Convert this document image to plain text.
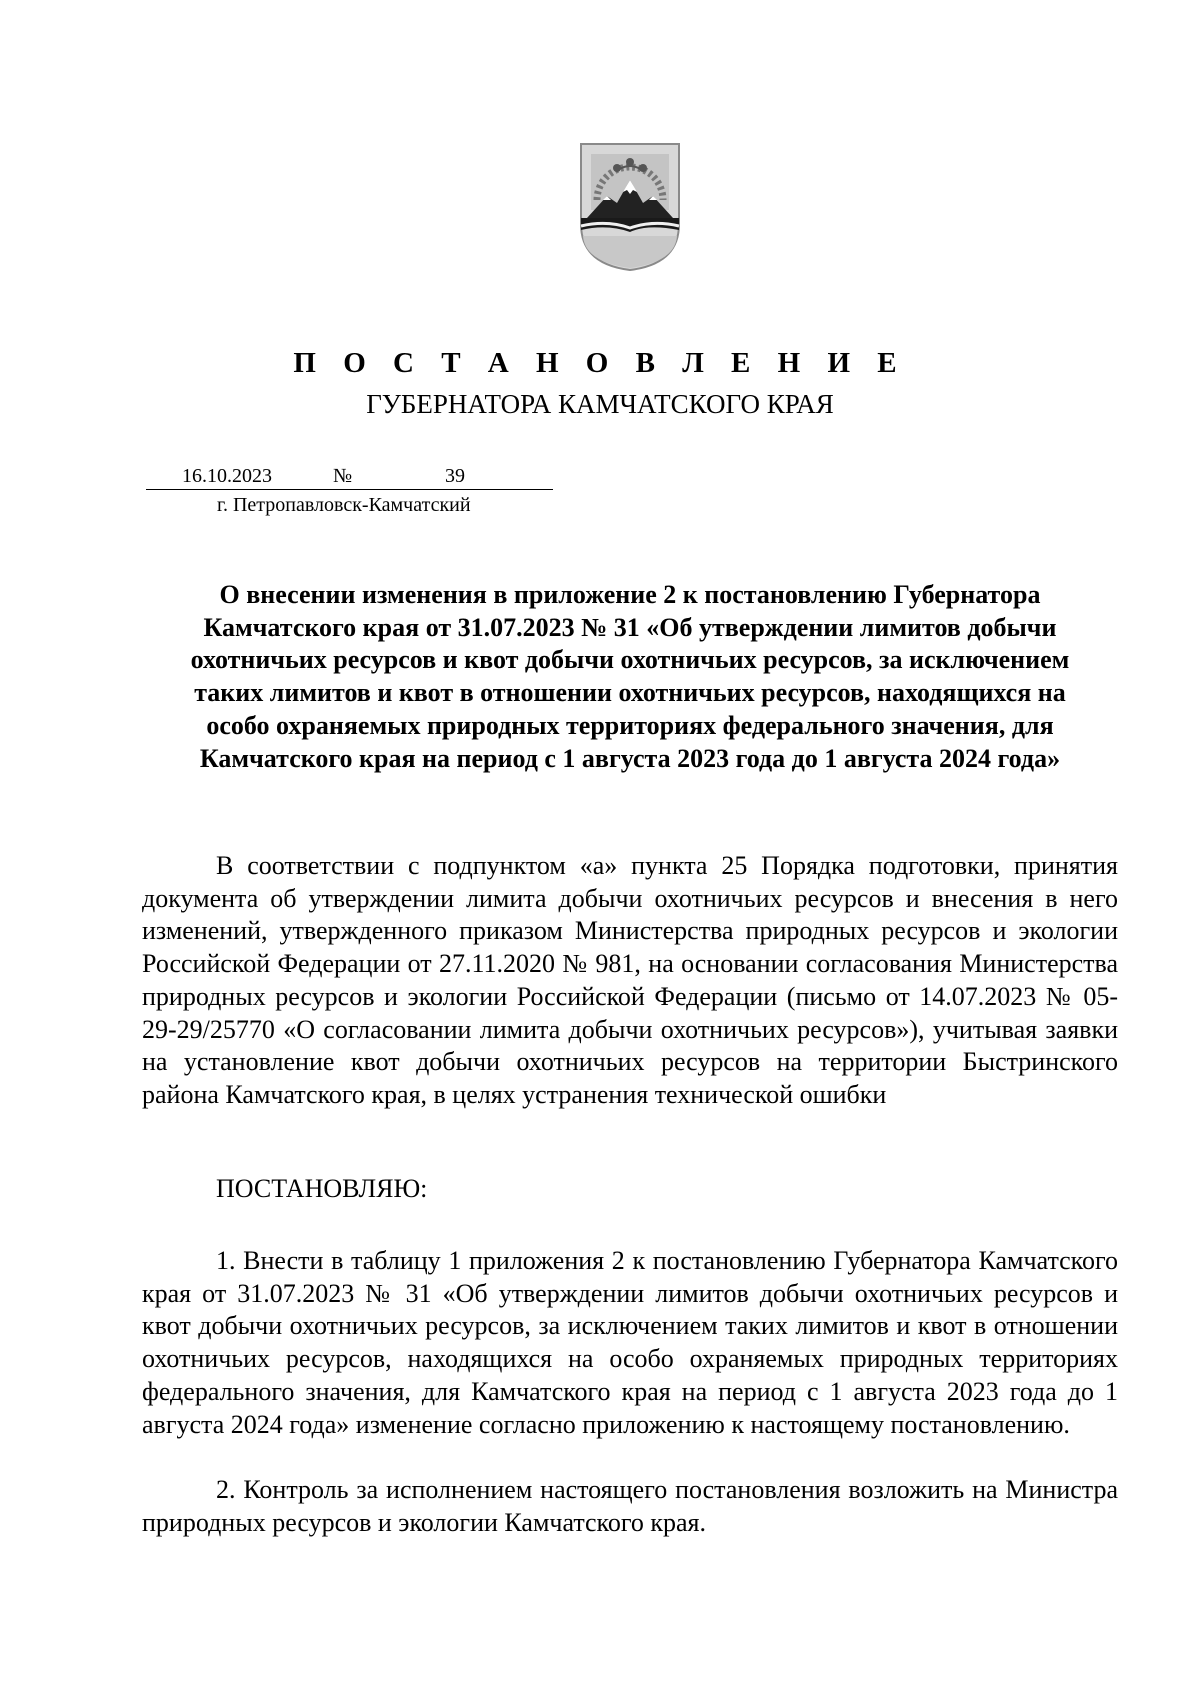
П О С Т А Н О В Л Е Н И Е
ГУБЕРНАТОРА КАМЧАТСКОГО КРАЯ
16.10.2023	№	39
г. Петропавловск-Камчатский
О внесении изменения в приложение 2 к постановлению Губернатора
Камчатского края от 31.07.2023 № 31 «Об утверждении лимитов добычи
охотничьих ресурсов и квот добычи охотничьих ресурсов, за исключением
таких лимитов и квот в отношении охотничьих ресурсов, находящихся на
особо охраняемых природных территориях федерального значения, для
Камчатского края на период с 1 августа 2023 года до 1 августа 2024 года»
В соответствии с подпунктом «а» пункта 25 Порядка подготовки, принятия документа об утверждении лимита добычи охотничьих ресурсов и внесения в него изменений, утвержденного приказом Министерства природных ресурсов и экологии Российской Федерации от 27.11.2020 № 981, на основании согласования Министерства природных ресурсов и экологии Российской Федерации (письмо от 14.07.2023 № 05-29-29/25770 «О согласовании лимита добычи охотничьих ресурсов»), учитывая заявки на установление квот добычи охотничьих ресурсов на территории Быстринского района Камчатского края, в целях устранения технической ошибки
ПОСТАНОВЛЯЮ:
1. Внести в таблицу 1 приложения 2 к постановлению Губернатора Камчатского края от 31.07.2023 № 31 «Об утверждении лимитов добычи охотничьих ресурсов и квот добычи охотничьих ресурсов, за исключением таких лимитов и квот в отношении охотничьих ресурсов, находящихся на особо охраняемых природных территориях федерального значения, для Камчатского края на период с 1 августа 2023 года до 1 августа 2024 года» изменение согласно приложению к настоящему постановлению.
2. Контроль за исполнением настоящего постановления возложить на Министра природных ресурсов и экологии Камчатского края.
